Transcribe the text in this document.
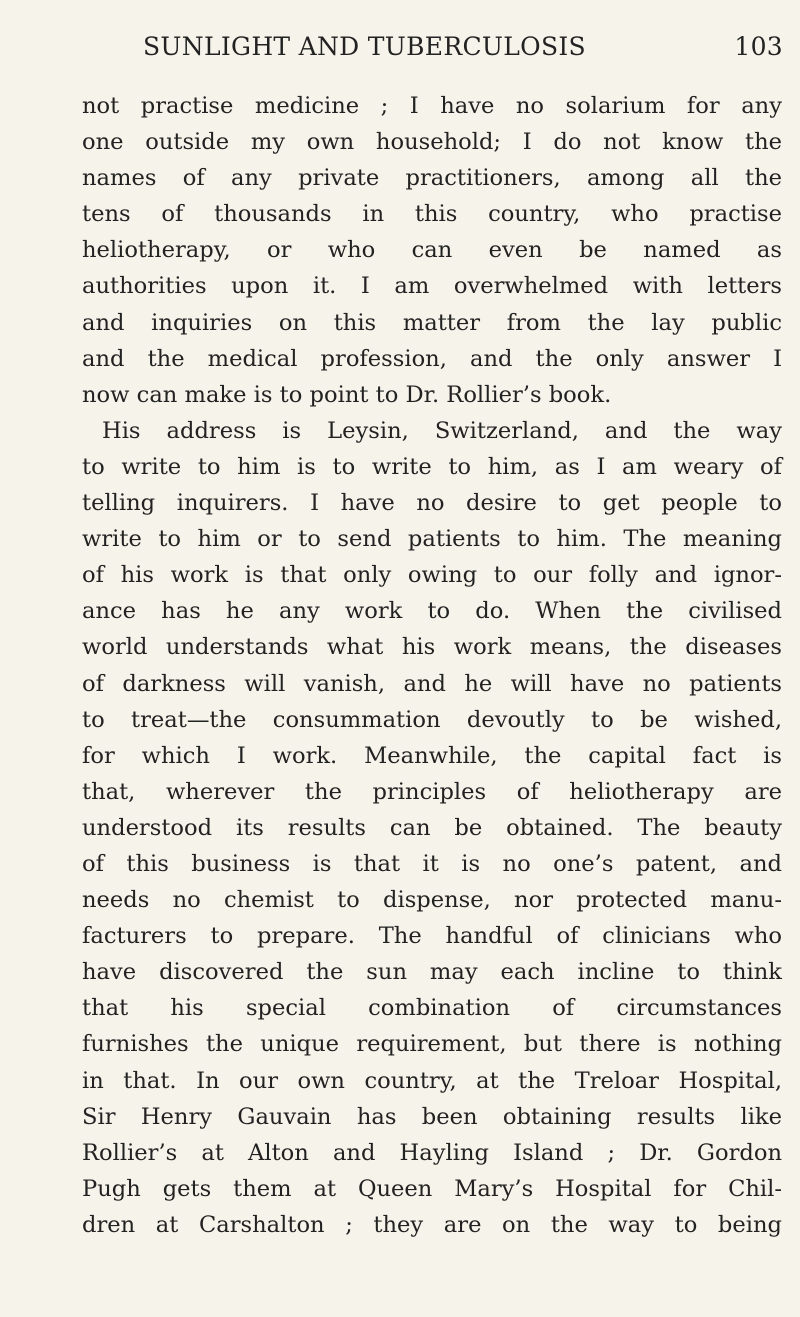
SUNLIGHT AND TUBERCULOSIS	103
not practise medicine ; I have no solarium for any
one outside my own household; I do not know the
names of any private practitioners, among all the
tens of thousands in this country, who practise
heliotherapy, or who can even be named as
authorities upon it. I am overwhelmed with letters
and inquiries on this matter from the lay public
and the medical profession, and the only answer I
now can make is to point to Dr. Rollier’s book.
His address is Leysin, Switzerland, and the way
to write to him is to write to him, as I am weary of
telling inquirers. I have no desire to get people to
write to him or to send patients to him. The meaning
of his work is that only owing to our folly and ignor-
ance has he any work to do. When the civilised
world understands what his work means, the diseases
of darkness will vanish, and he will have no patients
to treat—the consummation devoutly to be wished,
for which I work. Meanwhile, the capital fact is
that, wherever the principles of heliotherapy are
understood its results can be obtained. The beauty
of this business is that it is no one’s patent, and
needs no chemist to dispense, nor protected manu-
facturers to prepare. The handful of clinicians who
have discovered the sun may each incline to think
that his special combination of circumstances
furnishes the unique requirement, but there is nothing
in that. In our own country, at the Treloar Hospital,
Sir Henry Gauvain has been obtaining results like
Rollier’s at Alton and Hayling Island ; Dr. Gordon
Pugh gets them at Queen Mary’s Hospital for Chil-
dren at Carshalton ; they are on the way to being
